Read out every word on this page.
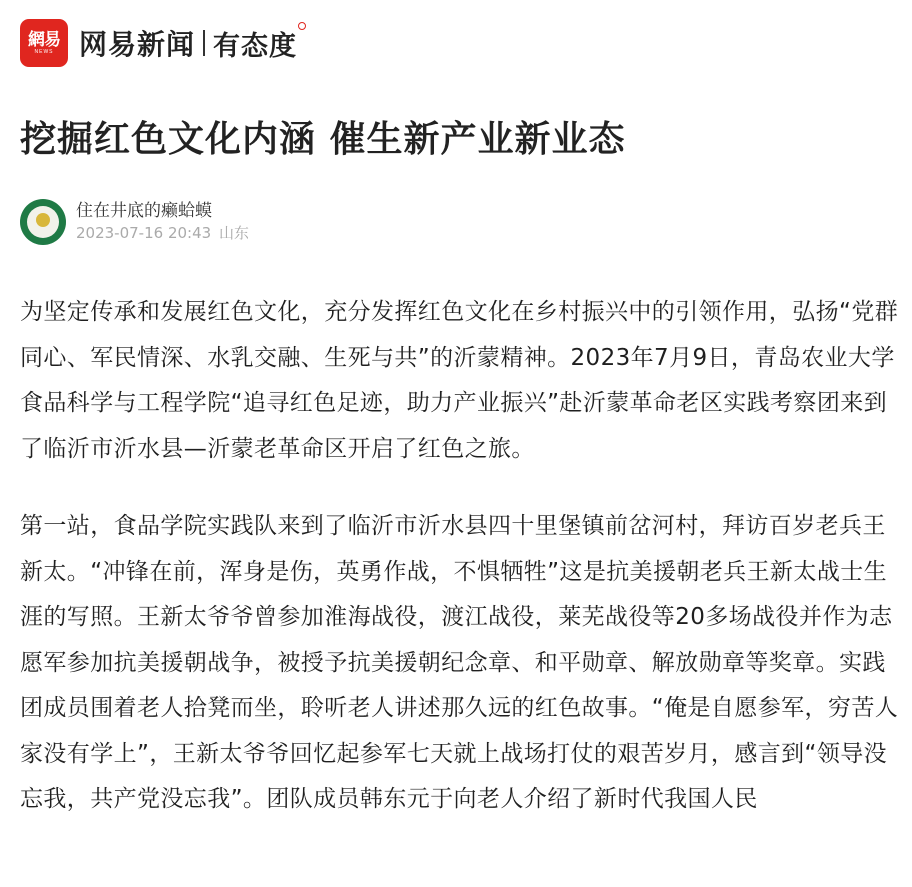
網易
NEWS 网易新闻 有态度
挖掘红色文化内涵 催生新产业新业态
住在井底的癞蛤蟆
2023-07-16 20:43 山东

为坚定传承和发展红色文化，充分发挥红色文化在乡村振兴中的引领作用，弘扬“党群同心、军民情深、水乳交融、生死与共”的沂蒙精神。2023年7月9日，青岛农业大学食品科学与工程学院“追寻红色足迹，助力产业振兴”赴沂蒙革命老区实践考察团来到了临沂市沂水县—沂蒙老革命区开启了红色之旅。

第一站，食品学院实践队来到了临沂市沂水县四十里堡镇前岔河村，拜访百岁老兵王新太。“冲锋在前，浑身是伤，英勇作战，不惧牺牲”这是抗美援朝老兵王新太战士生涯的写照。王新太爷爷曾参加淮海战役，渡江战役，莱芜战役等20多场战役并作为志愿军参加抗美援朝战争，被授予抗美援朝纪念章、和平勋章、解放勋章等奖章。实践团成员围着老人拾凳而坐，聆听老人讲述那久远的红色故事。“俺是自愿参军，穷苦人家没有学上”，王新太爷爷回忆起参军七天就上战场打仗的艰苦岁月，感言到“领导没忘我，共产党没忘我”。团队成员韩东元于向老人介绍了新时代我国人民
